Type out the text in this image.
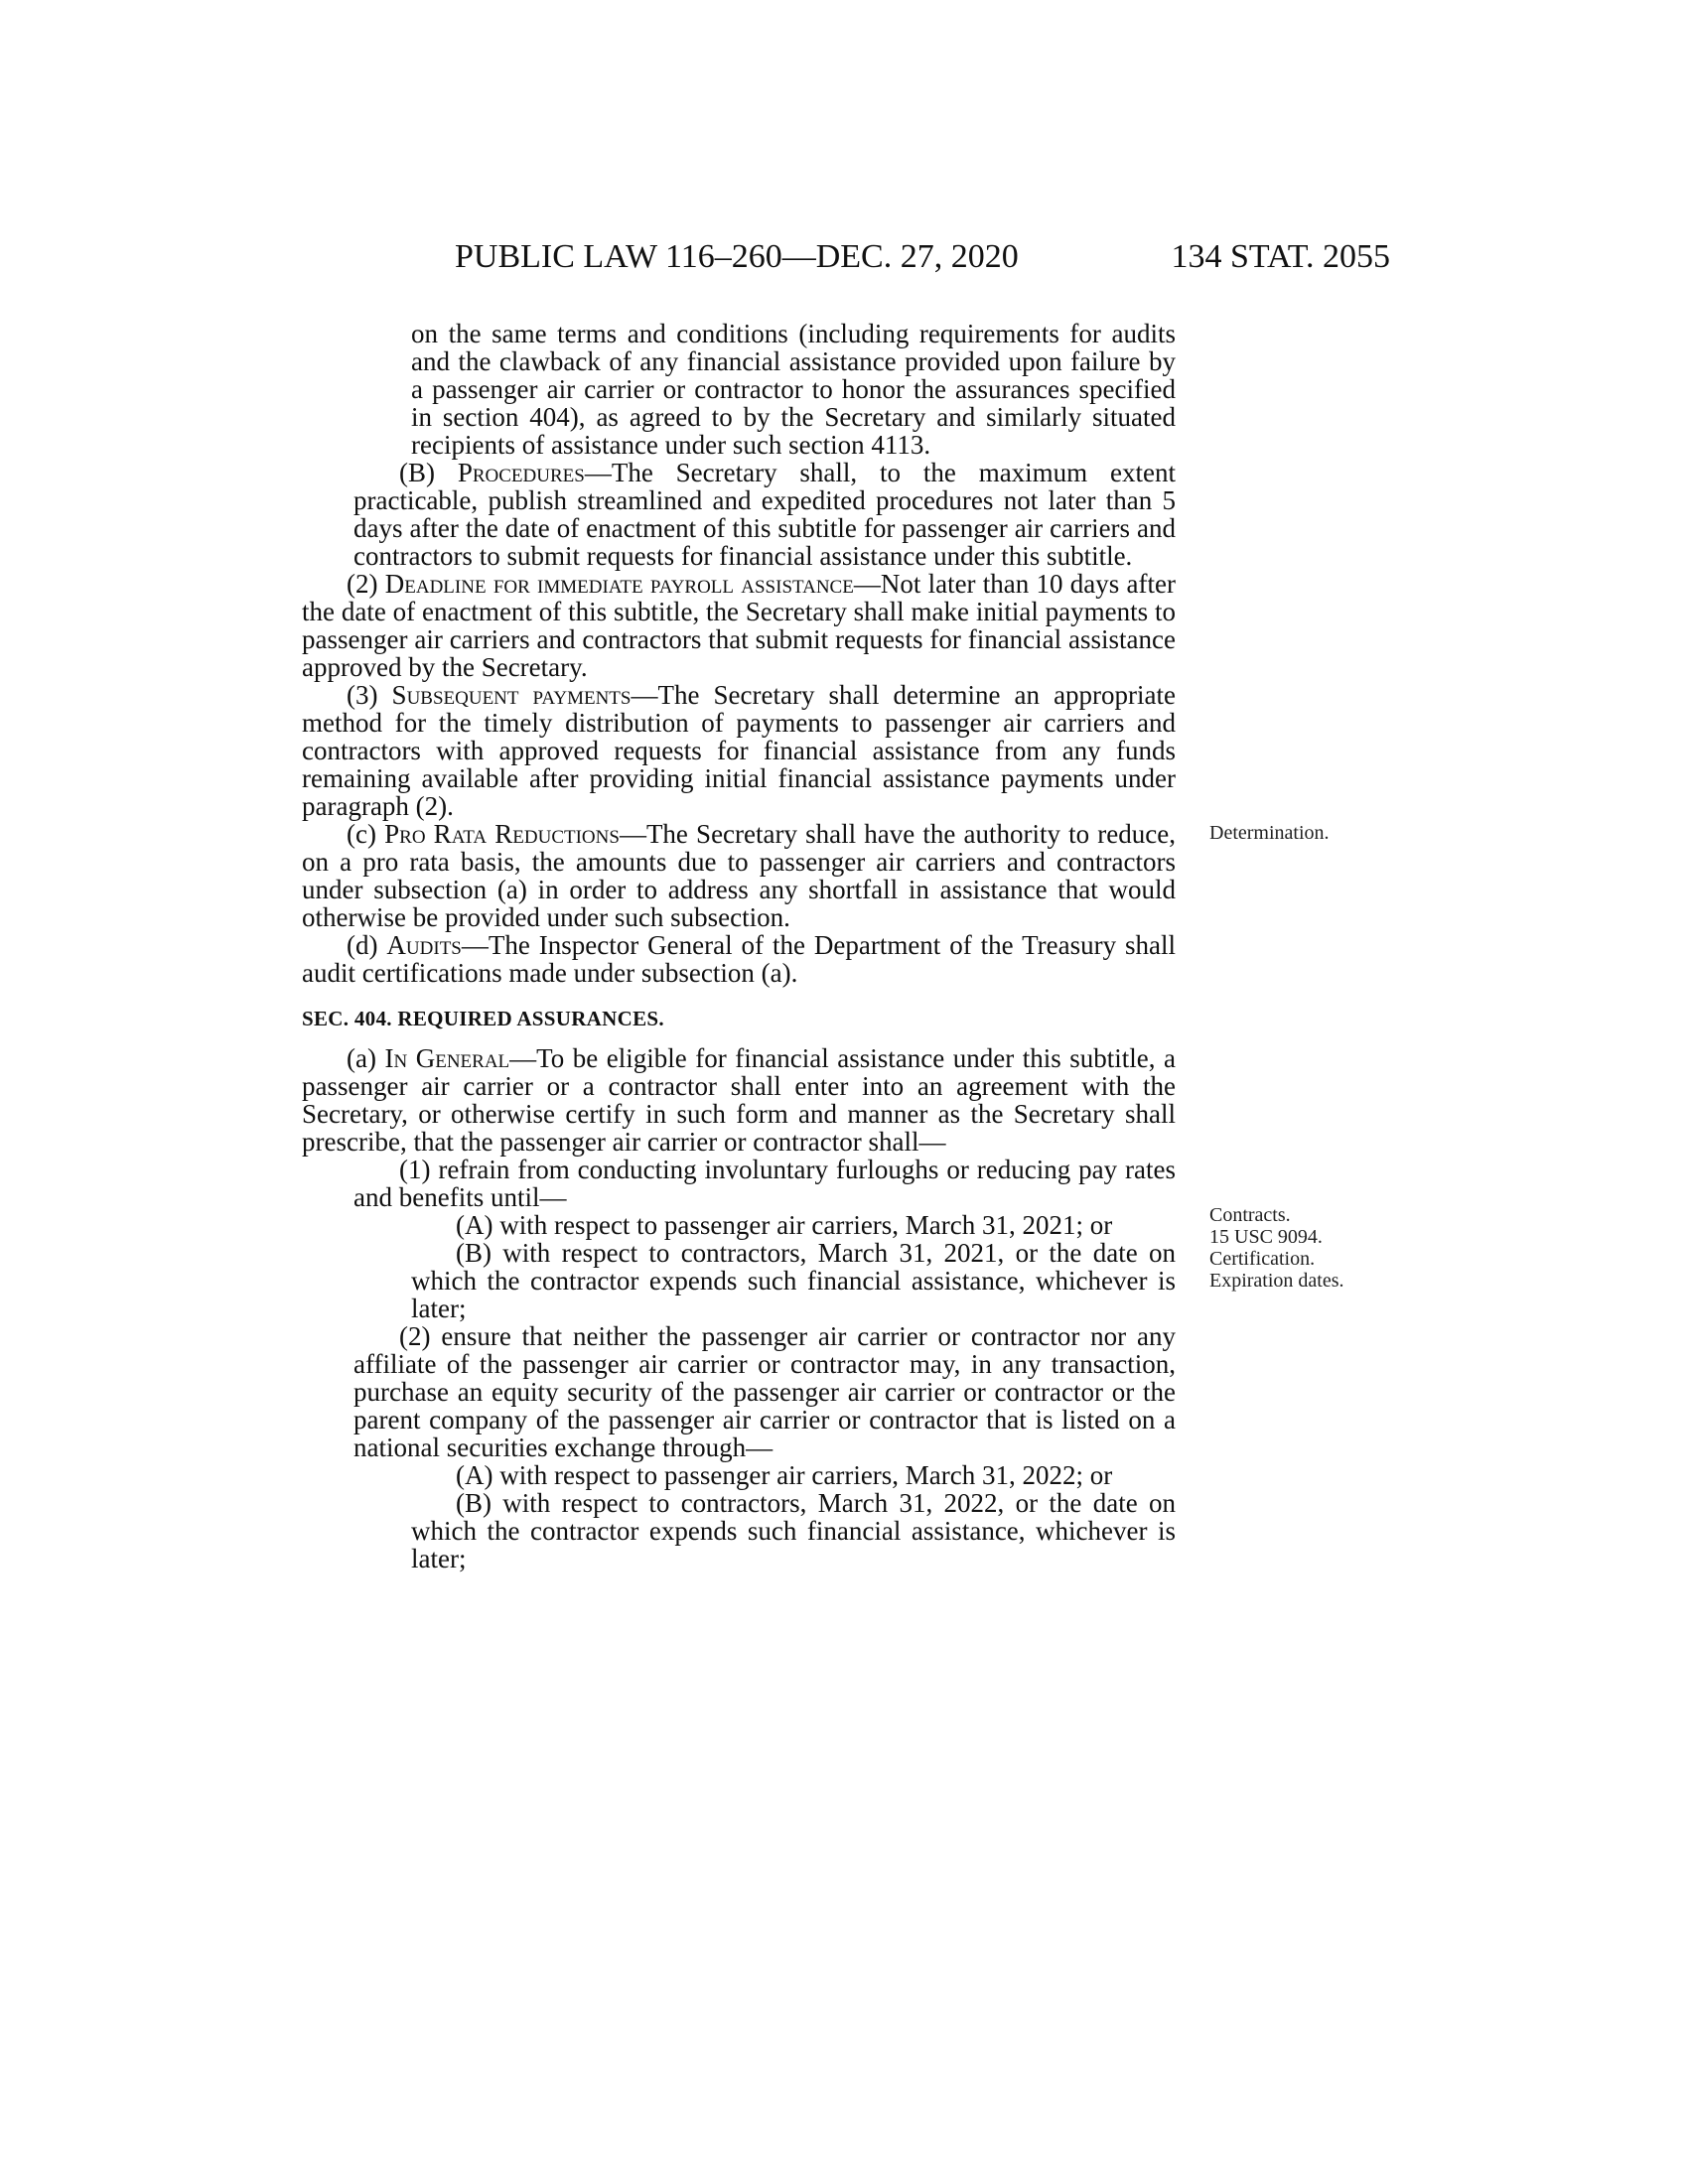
PUBLIC LAW 116–260—DEC. 27, 2020	134 STAT. 2055

on the same terms and conditions (including requirements for audits and the clawback of any financial assistance provided upon failure by a passenger air carrier or contractor to honor the assurances specified in section 404), as agreed to by the Secretary and similarly situated recipients of assistance under such section 4113.

(B) Procedures—The Secretary shall, to the maximum extent practicable, publish streamlined and expedited procedures not later than 5 days after the date of enactment of this subtitle for passenger air carriers and contractors to submit requests for financial assistance under this subtitle.

(2) Deadline for immediate payroll assistance—Not later than 10 days after the date of enactment of this subtitle, the Secretary shall make initial payments to passenger air carriers and contractors that submit requests for financial assistance approved by the Secretary.

(3) Subsequent payments—The Secretary shall determine an appropriate method for the timely distribution of payments to passenger air carriers and contractors with approved requests for financial assistance from any funds remaining available after providing initial financial assistance payments under paragraph (2).

(c) Pro Rata Reductions—The Secretary shall have the authority to reduce, on a pro rata basis, the amounts due to passenger air carriers and contractors under subsection (a) in order to address any shortfall in assistance that would otherwise be provided under such subsection.

(d) Audits—The Inspector General of the Department of the Treasury shall audit certifications made under subsection (a).

SEC. 404. REQUIRED ASSURANCES.

(a) In General—To be eligible for financial assistance under this subtitle, a passenger air carrier or a contractor shall enter into an agreement with the Secretary, or otherwise certify in such form and manner as the Secretary shall prescribe, that the passenger air carrier or contractor shall—

(1) refrain from conducting involuntary furloughs or reducing pay rates and benefits until—

(A) with respect to passenger air carriers, March 31, 2021; or

(B) with respect to contractors, March 31, 2021, or the date on which the contractor expends such financial assistance, whichever is later;

(2) ensure that neither the passenger air carrier or contractor nor any affiliate of the passenger air carrier or contractor may, in any transaction, purchase an equity security of the passenger air carrier or contractor or the parent company of the passenger air carrier or contractor that is listed on a national securities exchange through—

(A) with respect to passenger air carriers, March 31, 2022; or

(B) with respect to contractors, March 31, 2022, or the date on which the contractor expends such financial assistance, whichever is later;

Determination.
Contracts.
15 USC 9094.
Certification.
Expiration dates.
